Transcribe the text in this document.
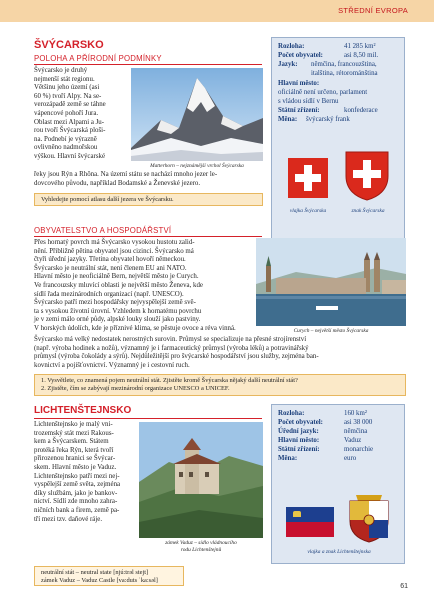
STŘEDNÍ EVROPA
ŠVÝCARSKO
POLOHA A PŘÍRODNÍ PODMÍNKY
Švýcarsko je druhý
nejmenší stát regionu.
Většinu jeho území (asi
60 %) tvoří Alpy. Na se-
verozápadě země se táhne
vápencové pohoří Jura.
Oblast mezi Alpami a Ju-
rou tvoří Švýcarská ploši-
na. Podnebí je výrazně
ovlivněno nadmořskou
výškou. Hlavní švýcarské
Matterhorn – nejznámější vrchol Švýcarska
řeky jsou Rýn a Rhôna. Na území státu se nachází mnoho jezer le-
dovcového původu, například Bodamské a Ženevské jezero.
Vyhledejte pomocí atlasu další jezera ve Švýcarsku.
Rozloha:	41 285 km²
Počet obyvatel:	asi 8,50 mil.
Jazyk: němčina, francouzština,
italština, rétorománština
Hlavní město:
oficiálně není určeno, parlament
s vládou sídlí v Bernu
Státní zřízení:	konfederace
Měna: švýcarský frank
vlajka Švýcarska	znak Švýcarska
OBYVATELSTVO A HOSPODÁŘSTVÍ
Přes hornatý povrch má Švýcarsko vysokou hustotu zalid-
nění. Přibližně pětina obyvatel jsou cizinci. Švýcarsko má
čtyři úřední jazyky. Třetina obyvatel hovoří německou.
Švýcarsko je neutrální stát, není členem EU ani NATO.
Hlavní město je neoficiálně Bern, největší město je Curych.
Ve francouzsky mluvící oblasti je největší město Ženeva, kde
sídlí řada mezinárodních organizací (např. UNESCO).
Švýcarsko patří mezi hospodářsky nejvyspělejší země svě-
ta s vysokou životní úrovní. Vzhledem k hornatému povrchu
je v zemi málo orné půdy, alpské louky slouží jako pastviny.
V horských údolích, kde je příznivé klima, se pěstuje ovoce a réva vinná.	Curych – největší město Švýcarska
Švýcarsko má velký nedostatek nerostných surovin. Průmysl se specializuje na přesné strojírenství
(např. výroba hodinek a nožů), významný je i farmaceutický průmysl (výroba léků) a potravinářský
průmysl (výroba čokolády a sýrů). Nejdůležitější pro švýcarské hospodářství jsou služby, zejména ban-
kovnictví a pojišťovnictví. Významný je i cestovní ruch.
1. Vysvětlete, co znamená pojem neutrální stát. Zjistěte kromě Švýcarska nějaký další neutrální stát?
2. Zjistěte, čím se zabývají mezinárodní organizace UNESCO a UNICEF.
LICHTENŠTEJNSKO
Lichtenštejnsko je malý vni-
trozemský stát mezi Rakous-
kem a Švýcarskem. Státem
protéká řeka Rýn, která tvoří
přirozenou hranici se Švýcar-
skem. Hlavní město je Vaduz.
Lichtenštejnsko patří mezi nej-
vyspělejší země světa, zejména
díky službám, jako je bankov-
nictví. Sídlí zde mnoho zahra-
ničních bank a firem, země pa-
tří mezi tzv. daňové ráje.
zámek Vaduz – sídlo vládnoucího
rodu Lichtenštejnů
Rozloha:	160 km²
Počet obyvatel:	asi 38 000
Úřední jazyk:	němčina
Hlavní město:	Vaduz
Státní zřízení:	monarchie
Měna:	euro
vlajka a znak Lichtenštejnska
neutrální stát – neutral state [njú:trəl stejt]
zámek Vaduz – Vaduz Castle [va:duts ˈka:səl]
61
